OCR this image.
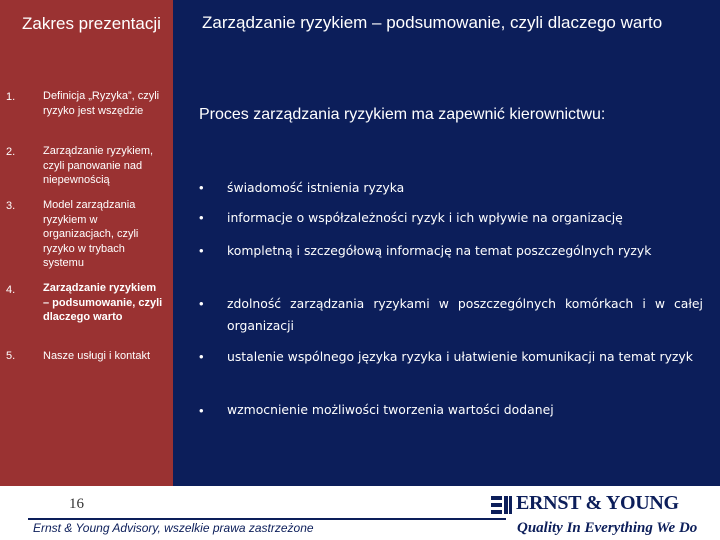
Zakres prezentacji
1.	Definicja „Ryzyka”, czyli ryzyko jest wszędzie
2.	Zarządzanie ryzykiem, czyli panowanie nad niepewnością
3.	Model zarządzania ryzykiem w organizacjach, czyli ryzyko w trybach systemu
4.	Zarządzanie ryzykiem – podsumowanie, czyli dlaczego warto
5.	Nasze usługi i kontakt
Zarządzanie ryzykiem – podsumowanie, czyli dlaczego warto
Proces zarządzania ryzykiem ma zapewnić kierownictwu:
• świadomość istnienia ryzyka
• informacje o współzależności ryzyk i ich wpływie na organizację
• kompletną i szczegółową informację na temat poszczególnych ryzyk
• zdolność zarządzania ryzykami w poszczególnych komórkach i w całej organizacji
• ustalenie wspólnego języka ryzyka i ułatwienie komunikacji na temat ryzyk
• wzmocnienie możliwości tworzenia wartości dodanej
16
Ernst & Young Advisory, wszelkie prawa zastrzeżone
ERNST & YOUNG
Quality In Everything We Do
